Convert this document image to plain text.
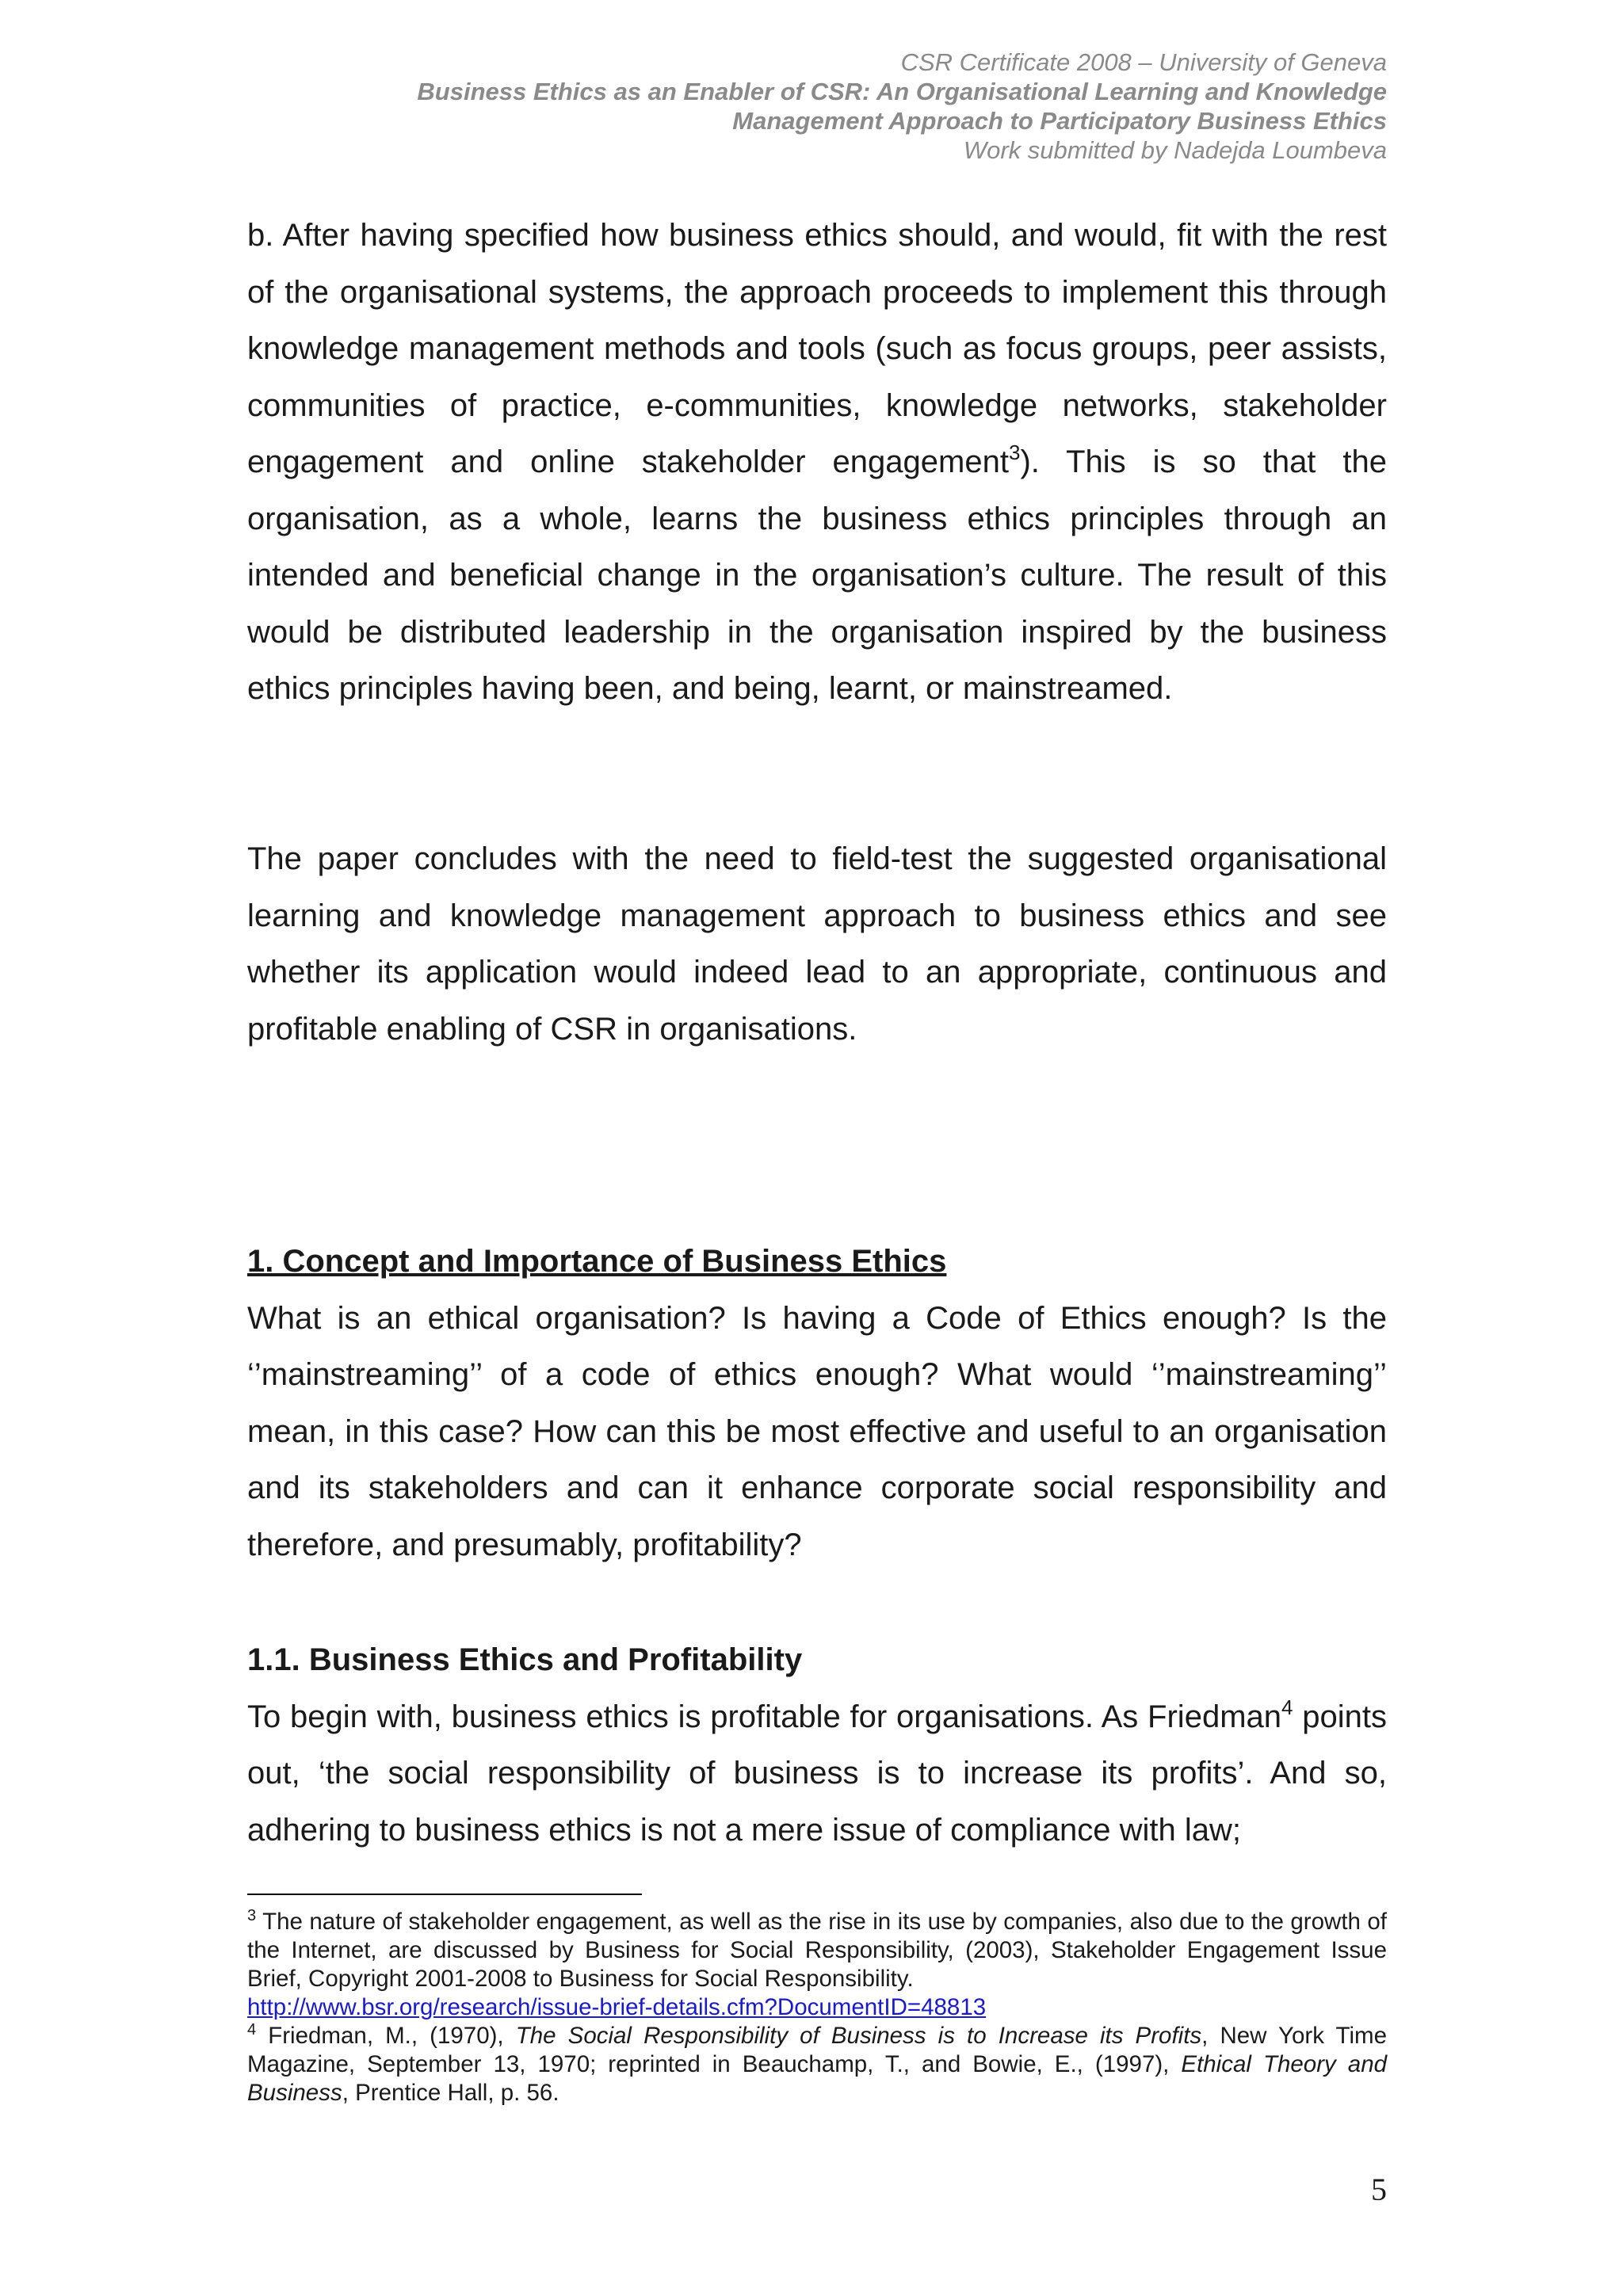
CSR Certificate 2008 – University of Geneva
Business Ethics as an Enabler of CSR: An Organisational Learning and Knowledge
Management Approach to Participatory Business Ethics
Work submitted by Nadejda Loumbeva

b. After having specified how business ethics should, and would, fit with the rest of the organisational systems, the approach proceeds to implement this through knowledge management methods and tools (such as focus groups, peer assists, communities of practice, e-communities, knowledge networks, stakeholder engagement and online stakeholder engagement$^3$). This is so that the organisation, as a whole, learns the business ethics principles through an intended and beneficial change in the organisation’s culture. The result of this would be distributed leadership in the organisation inspired by the business ethics principles having been, and being, learnt, or mainstreamed.

The paper concludes with the need to field-test the suggested organisational learning and knowledge management approach to business ethics and see whether its application would indeed lead to an appropriate, continuous and profitable enabling of CSR in organisations.

1. Concept and Importance of Business Ethics

What is an ethical organisation? Is having a Code of Ethics enough? Is the ‘’mainstreaming’’ of a code of ethics enough? What would ‘’mainstreaming’’ mean, in this case? How can this be most effective and useful to an organisation and its stakeholders and can it enhance corporate social responsibility and therefore, and presumably, profitability?

1.1. Business Ethics and Profitability

To begin with, business ethics is profitable for organisations. As Friedman$^4$ points out, ‘the social responsibility of business is to increase its profits’. And so, adhering to business ethics is not a mere issue of compliance with law;

$^3$ The nature of stakeholder engagement, as well as the rise in its use by companies, also due to the growth of the Internet, are discussed by Business for Social Responsibility, (2003), Stakeholder Engagement Issue Brief, Copyright 2001-2008 to Business for Social Responsibility.
http://www.bsr.org/research/issue-brief-details.cfm?DocumentID=48813

$^4$ Friedman, M., (1970), The Social Responsibility of Business is to Increase its Profits, New York Time Magazine, September 13, 1970; reprinted in Beauchamp, T., and Bowie, E., (1997), Ethical Theory and Business, Prentice Hall, p. 56.

5
